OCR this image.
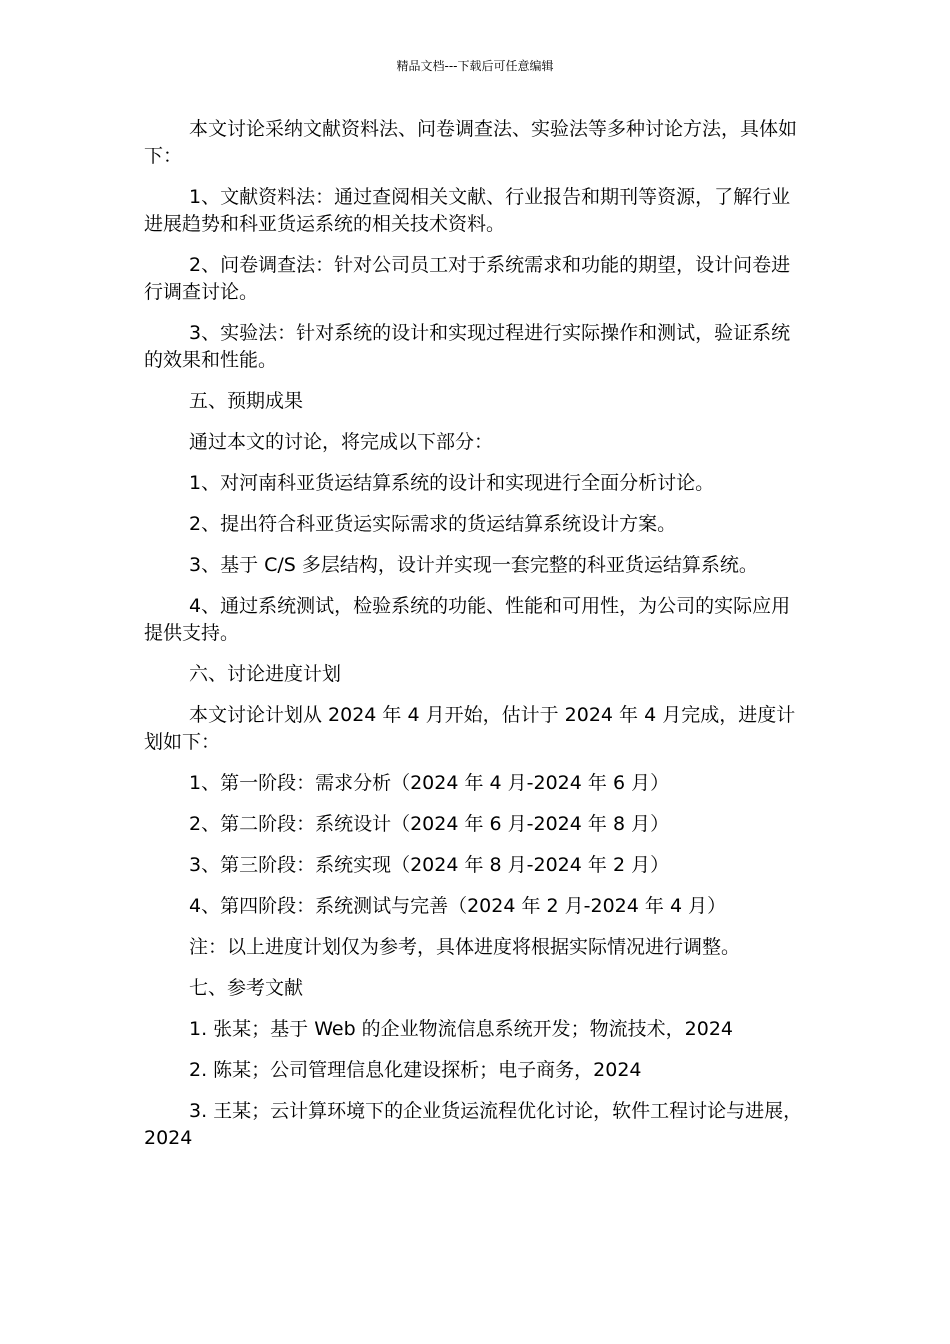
精品文档---下载后可任意编辑

本文讨论采纳文献资料法、问卷调查法、实验法等多种讨论方法，具体如下：

1、文献资料法：通过查阅相关文献、行业报告和期刊等资源，了解行业进展趋势和科亚货运系统的相关技术资料。

2、问卷调查法：针对公司员工对于系统需求和功能的期望，设计问卷进行调查讨论。

3、实验法：针对系统的设计和实现过程进行实际操作和测试，验证系统的效果和性能。

五、预期成果

通过本文的讨论，将完成以下部分：

1、对河南科亚货运结算系统的设计和实现进行全面分析讨论。

2、提出符合科亚货运实际需求的货运结算系统设计方案。

3、基于 C/S 多层结构，设计并实现一套完整的科亚货运结算系统。

4、通过系统测试，检验系统的功能、性能和可用性，为公司的实际应用提供支持。

六、讨论进度计划

本文讨论计划从 2024 年 4 月开始，估计于 2024 年 4 月完成，进度计划如下：

1、第一阶段：需求分析（2024 年 4 月-2024 年 6 月）

2、第二阶段：系统设计（2024 年 6 月-2024 年 8 月）

3、第三阶段：系统实现（2024 年 8 月-2024 年 2 月）

4、第四阶段：系统测试与完善（2024 年 2 月-2024 年 4 月）

注：以上进度计划仅为参考，具体进度将根据实际情况进行调整。

七、参考文献

1. 张某；基于 Web 的企业物流信息系统开发；物流技术，2024

2. 陈某；公司管理信息化建设探析；电子商务，2024

3. 王某；云计算环境下的企业货运流程优化讨论，软件工程讨论与进展，2024
